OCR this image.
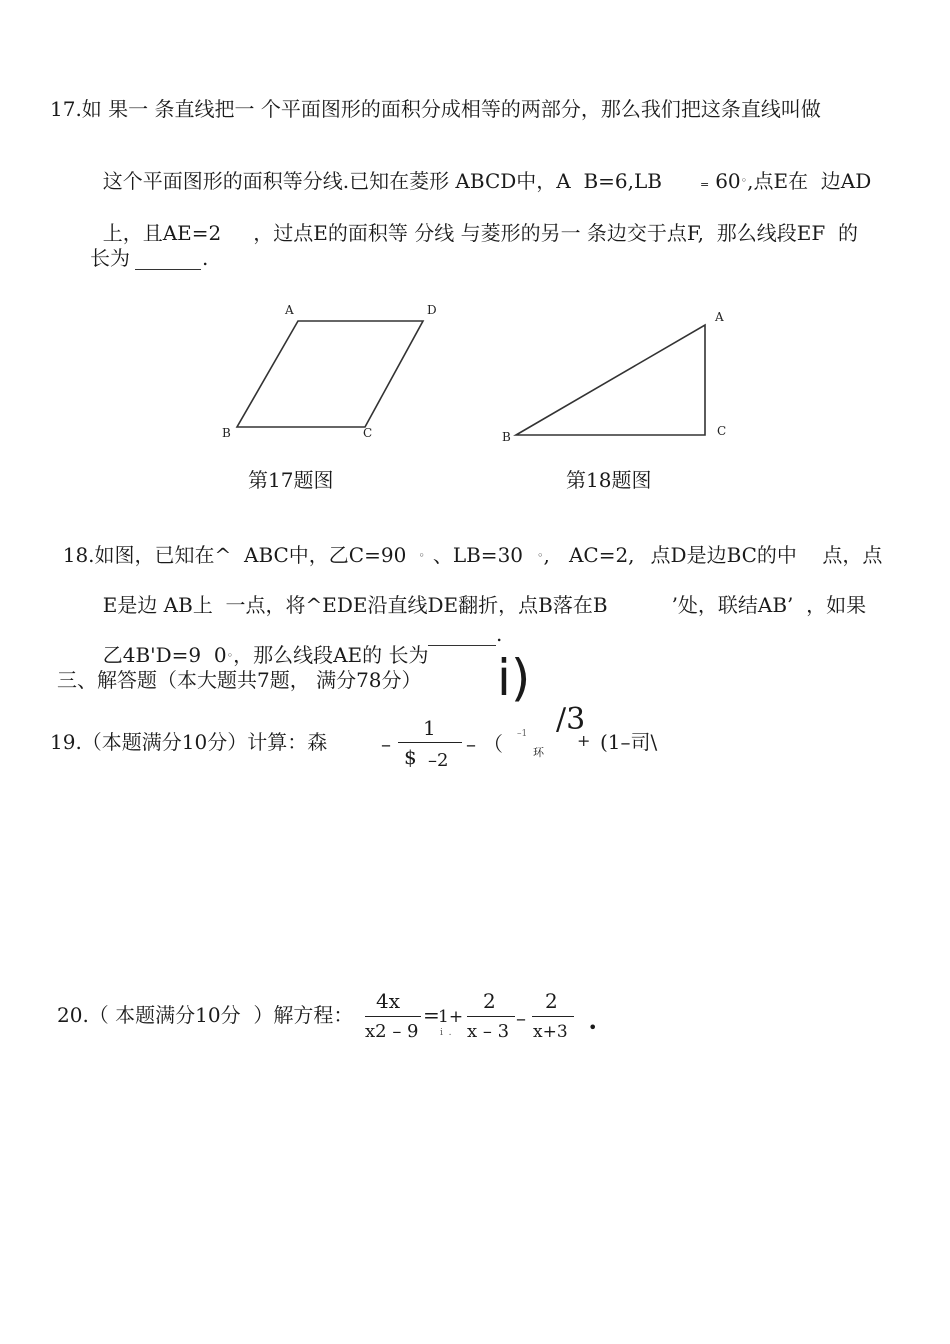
17.如 果一 条直线把一 个平面图形的面积分成相等的两部分，那么我们把这条直线叫做

这个平面图形的面积等分线.已知在菱形 ABCD中，A  B=6,LB	= 60◦,点E在  边AD

上，且AE=2 ，过点E的面积等 分线 与菱形的另一 条边交于点F,  那么线段EF  的

长为	.
A	D
B	C
第17题图
A
B	C
第18题图

18.如图，已知在^  ABC中，乙C=90 ◦ 、LB=30 ◦,   AC=2, 点D是边BC的中    点，点

E是边 AB上  一点，将^EDE沿直线DE翻折，点B落在B	’处，联结AB’  ，如果

乙4B'D=9  0◦，那么线段AE的 长为

.
三、解答题（本大题共7题， 满分78分） i)
19.（本题满分10分）计算：森	–
1
$ –2
– （ –1
环
/3
+ (1–司\
20.（ 本题满分10分  ）解方程：
4x
x2 – 9
=
1+
i  .
2
x – 3
–
2
x+3 •
